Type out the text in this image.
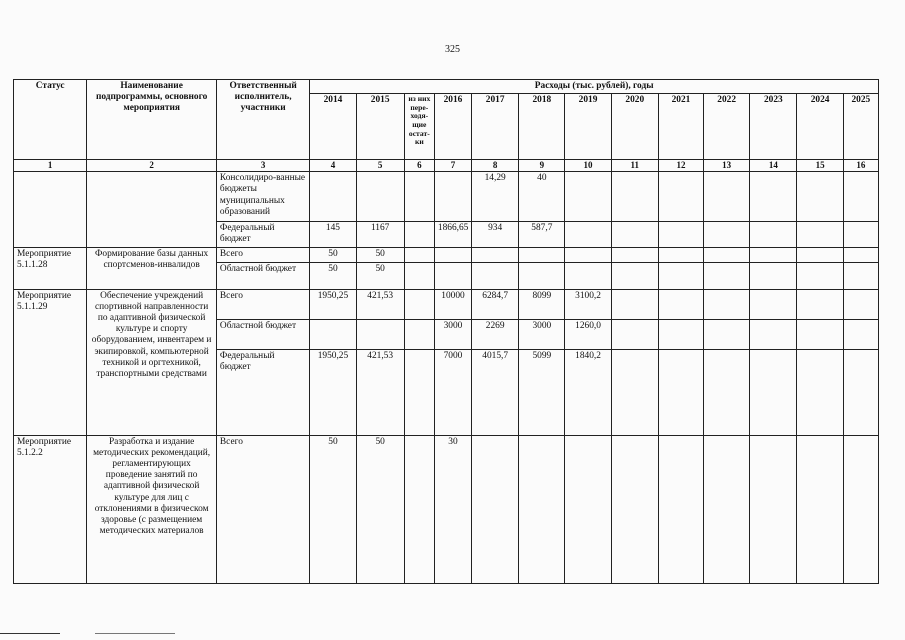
325
Статус	Наименование подпрограммы, основного мероприятия	Ответственный исполнитель, участники	Расходы (тыс. рублей), годы												
			2014	2015	из них пере-ходя-щие остат-ки	2016	2017	2018	2019	2020	2021	2022	2023	2024	2025
1	2	3	4	5	6	7	8	9	10	11	12	13	14	15	16
		Консолидиро-ванные бюджеты муниципальных образований					14,29	40							
		Федеральный бюджет	145	1167		1866,65	934	587,7							
Мероприятие 5.1.1.28	Формирование базы данных спортсменов-инвалидов	Всего	50	50											
		Областной бюджет	50	50											
Мероприятие 5.1.1.29	Обеспечение учреждений спортивной направленности по адаптивной физической культуре и спорту оборудованием, инвентарем и экипировкой, компьютерной техникой и оргтехникой, транспортными средствами	Всего	1950,25	421,53		10000	6284,7	8099	3100,2						
		Областной бюджет				3000	2269	3000	1260,0						
		Федеральный бюджет	1950,25	421,53		7000	4015,7	5099	1840,2						
Мероприятие 5.1.2.2	Разработка и издание методических рекомендаций, регламентирующих проведение занятий по адаптивной физической культуре для лиц с отклонениями в физическом здоровье (с размещением методических материалов	Всего	50	50		30									
